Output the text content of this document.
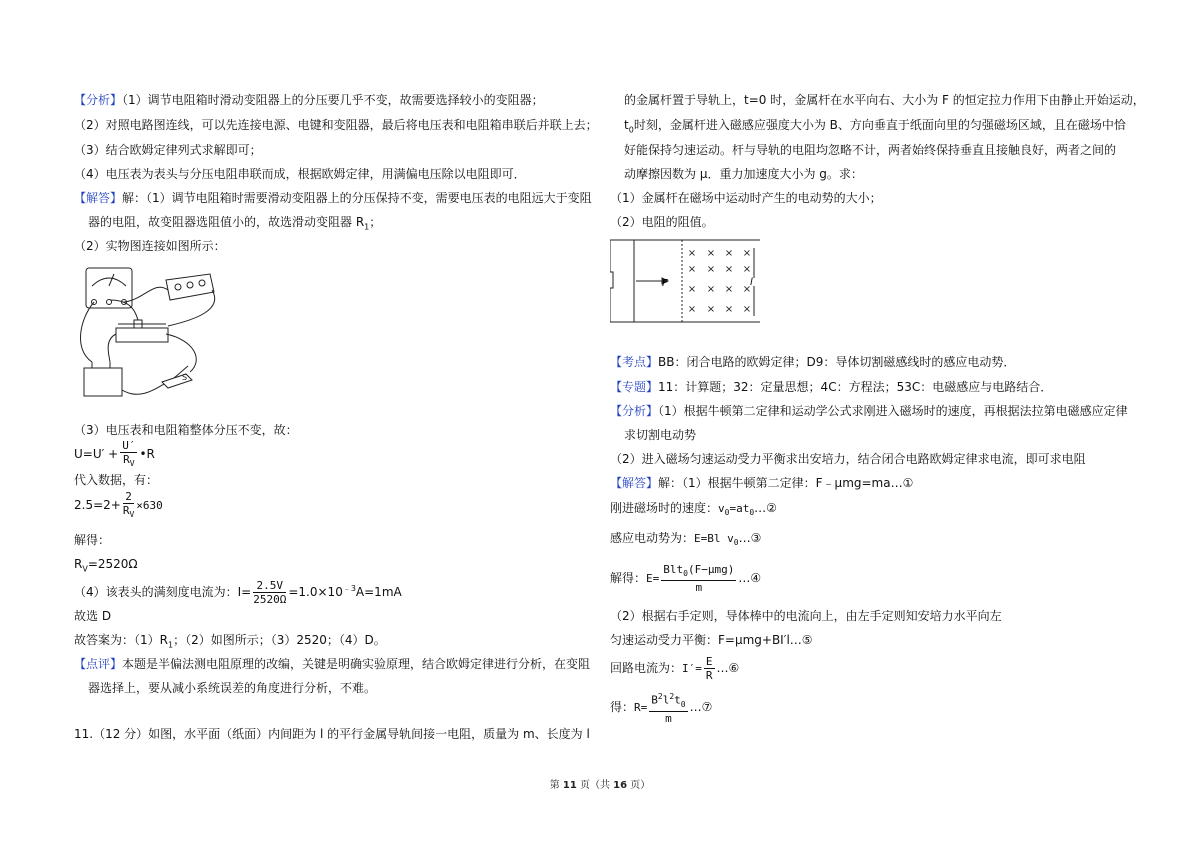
【分析】（1）调节电阻箱时滑动变阻器上的分压要几乎不变，故需要选择较小的变阻器；
（2）对照电路图连线，可以先连接电源、电键和变阻器，最后将电压表和电阻箱串联后并联上去；
（3）结合欧姆定律列式求解即可；
（4）电压表为表头与分压电阻串联而成，根据欧姆定律，用满偏电压除以电阻即可．
【解答】解：（1）调节电阻箱时需要滑动变阻器上的分压保持不变，需要电压表的电阻远大于变阻
器的电阻，故变阻器选阻值小的，故选滑动变阻器 $R_1$；
（2）实物图连接如图所示：
S
（3）电压表和电阻箱整体分压不变，故：
$U=U' + \frac{U'}{R_V}$ •R
代入数据，有：
$2.5=2+ \frac{2}{R_V} \times 630$
解得：
$R_V=2520\Omega$
（4）该表头的满刻度电流为：$I= \frac{2.5V}{2520\Omega} =1.0\times 10^{﹣3}A=1mA$
故选 D
故答案为：$(1)R_1$；（2）如图所示；（3）2520；（4）D。
【点评】本题是半偏法测电阻原理的改编，关键是明确实验原理，结合欧姆定律进行分析，在变阻
器选择上，要从减小系统误差的角度进行分析，不难。
11.（12 分）如图，水平面（纸面）内间距为 l 的平行金属导轨间接一电阻，质量为 m、长度为 l
的金属杆置于导轨上，t=0 时，金属杆在水平向右、大小为 F 的恒定拉力作用下由静止开始运动，
$t_0$时刻，金属杆进入磁感应强度大小为 B、方向垂直于纸面向里的匀强磁场区域，且在磁场中恰
好能保持匀速运动。杆与导轨的电阻均忽略不计，两者始终保持垂直且接触良好，两者之间的
动摩擦因数为 μ．重力加速度大小为 g。求：
（1）金属杆在磁场中运动时产生的电动势的大小；
（2）电阻的阻值。
× × × ×
× × × ×
× × × ×
× × × ×
F	l
【考点】BB：闭合电路的欧姆定律；D9：导体切割磁感线时的感应电动势．
【专题】11：计算题；32：定量思想；4C：方程法；53C：电磁感应与电路结合．
【分析】（1）根据牛顿第二定律和运动学公式求刚进入磁场时的速度，再根据法拉第电磁感应定律
求切割电动势
（2）进入磁场匀速运动受力平衡求出安培力，结合闭合电路欧姆定律求电流，即可求电阻
【解答】解：（1）根据牛顿第二定律：F﹣μmg=ma…①
刚进磁场时的速度：$v_0=at_0\dots ②$
感应电动势为：E=Bl $v_0\dots ③$
解得：$E= \frac{Blt_0(F-\mu mg)}{m}$ …④
（2）根据右手定则，导体棒中的电流向上，由左手定则知安培力水平向左
匀速运动受力平衡：F=μmg+BI′l…⑤
回路电流为：$I'= \frac{E}{R}$ …⑥
得：$R= \frac{B^2l^2t_0}{m}$ …⑦
第 11 页（共 16 页）
